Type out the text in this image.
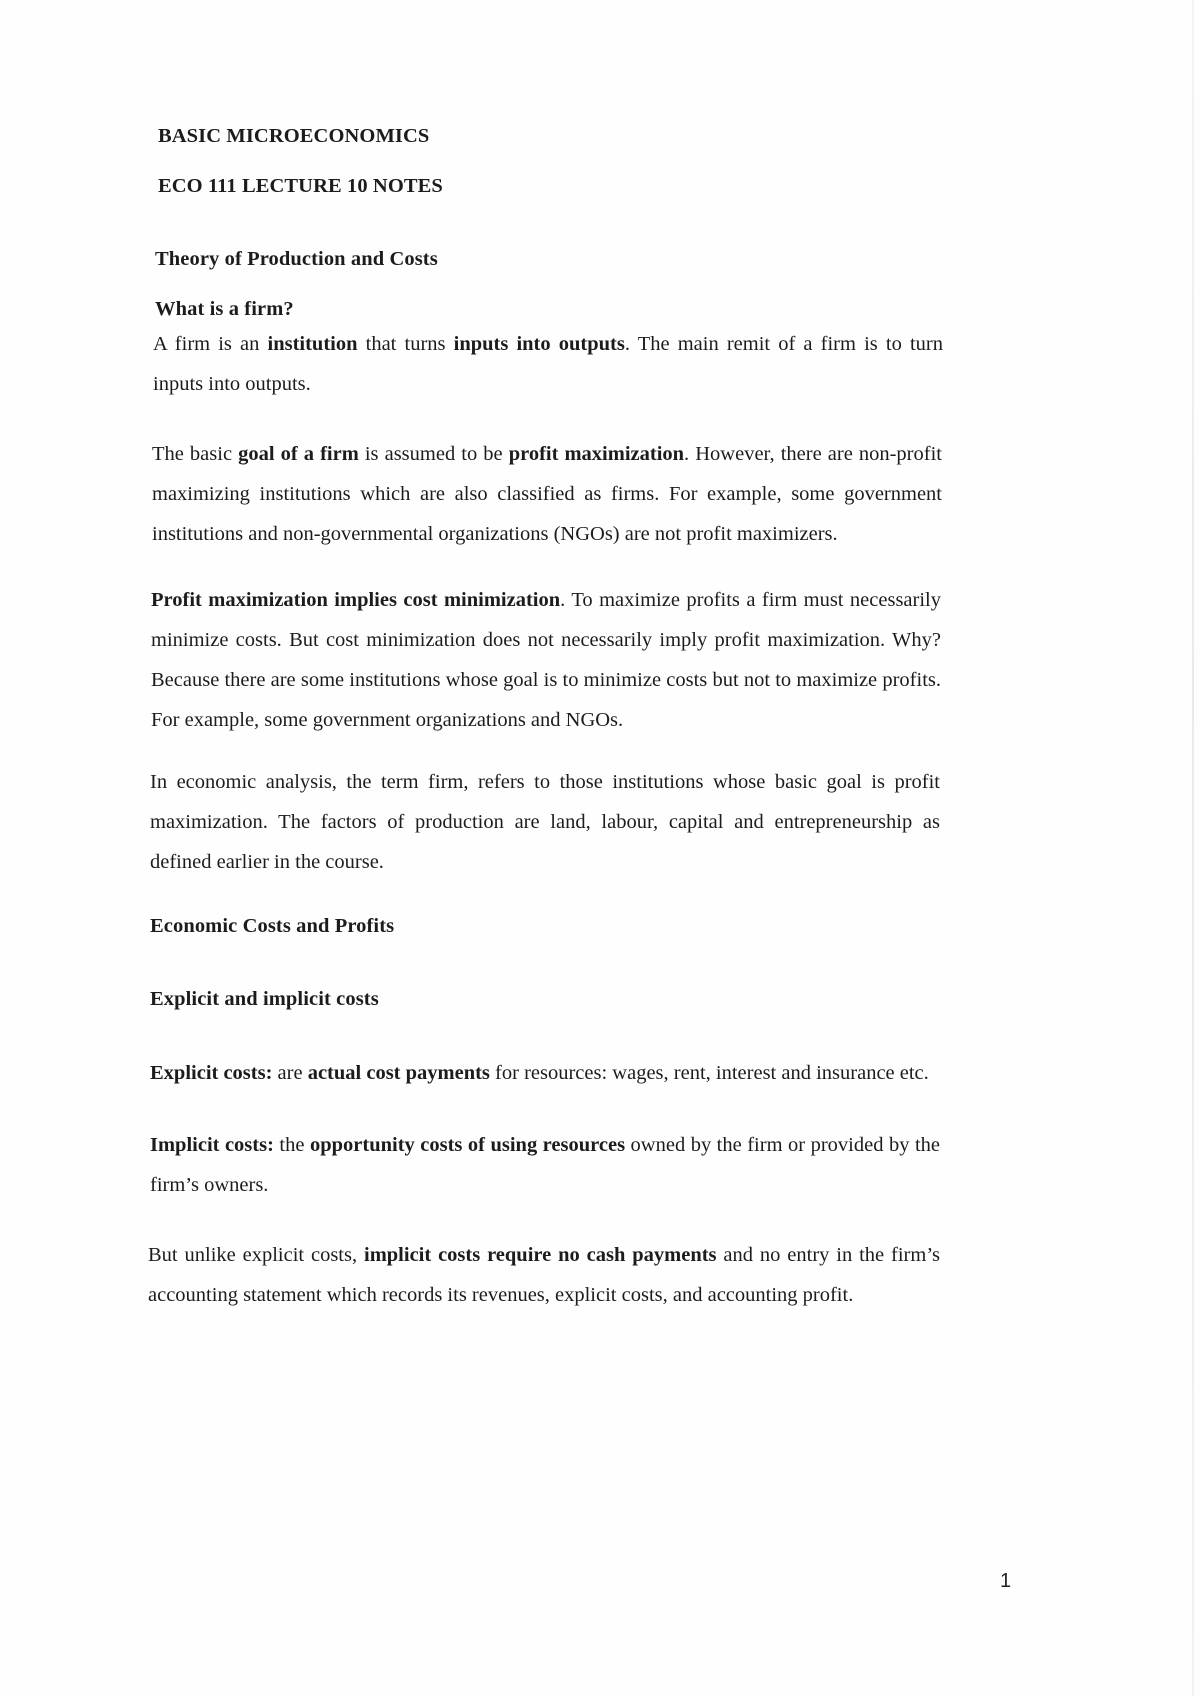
BASIC MICROECONOMICS
ECO 111 LECTURE 10 NOTES
Theory of Production and Costs
What is a firm?

A firm is an institution that turns inputs into outputs. The main remit of a firm is to turn inputs into outputs.

The basic goal of a firm is assumed to be profit maximization. However, there are non-profit maximizing institutions which are also classified as firms. For example, some government institutions and non-governmental organizations (NGOs) are not profit maximizers.

Profit maximization implies cost minimization. To maximize profits a firm must necessarily minimize costs. But cost minimization does not necessarily imply profit maximization. Why? Because there are some institutions whose goal is to minimize costs but not to maximize profits. For example, some government organizations and NGOs.

In economic analysis, the term firm, refers to those institutions whose basic goal is profit maximization. The factors of production are land, labour, capital and entrepreneurship as defined earlier in the course.

Economic Costs and Profits
Explicit and implicit costs

Explicit costs: are actual cost payments for resources: wages, rent, interest and insurance etc.

Implicit costs: the opportunity costs of using resources owned by the firm or provided by the firm’s owners.

But unlike explicit costs, implicit costs require no cash payments and no entry in the firm’s accounting statement which records its revenues, explicit costs, and accounting profit.

1
